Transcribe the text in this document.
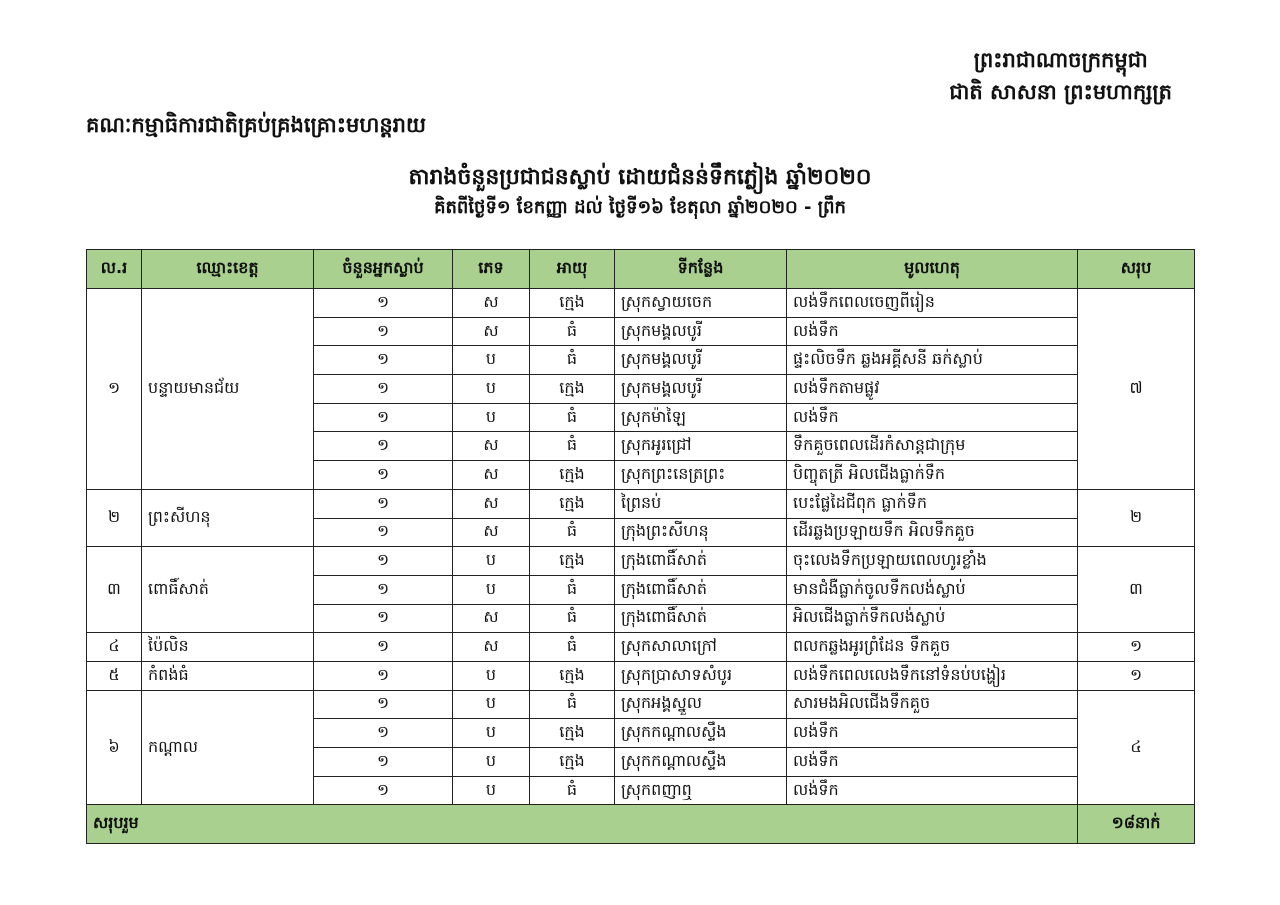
ព្រះរាជាណាចក្រកម្ពុជា
ជាតិ សាសនា ព្រះមហាក្សត្រ
គណៈកម្មាធិការជាតិគ្រប់គ្រងគ្រោះមហន្តរាយ
តារាងចំនួនប្រជាជនស្លាប់ ដោយជំនន់ទឹកភ្លៀង ឆ្នាំ២០២០
គិតពីថ្ងៃទី១ ខែកញ្ញា ដល់ ថ្ងៃទី១៦ ខែតុលា ឆ្នាំ២០២០ - ព្រឹក
ល.រ	ឈ្មោះខេត្ត	ចំនួនអ្នកស្លាប់	ភេទ	អាយុ	ទីកន្លែង	មូលហេតុ	សរុប
១	បន្ទាយមានជ័យ	១	ស	ក្មេង	ស្រុកស្វាយចេក	លង់ទឹកពេលចេញពីរៀន	៧
		១	ស	ធំ	ស្រុកមង្គលបូរី	លង់ទឹក	
		១	ប	ធំ	ស្រុកមង្គលបូរី	ផ្ទះលិចទឹក ឆ្លងអគ្គីសនី ឆក់ស្លាប់	
		១	ប	ក្មេង	ស្រុកមង្គលបូរី	លង់ទឹកតាមផ្លូវ	
		១	ប	ធំ	ស្រុកម៉ាឡៃ	លង់ទឹក	
		១	ស	ធំ	ស្រុកអូរជ្រៅ	ទឹកគួចពេលដើរកំសាន្តជាក្រុម	
		១	ស	ក្មេង	ស្រុកព្រះនេត្រព្រះ	បិញ្ចុតត្រី អិលជើងធ្លាក់ទឹក	
២	ព្រះសីហនុ	១	ស	ក្មេង	ព្រៃនប់	បេះផ្លែដៃជីពុក ធ្លាក់ទឹក	២
		១	ស	ធំ	ក្រុងព្រះសីហនុ	ដើរឆ្លងប្រឡាយទឹក អិលទឹកគួច	
៣	ពោធិ៍សាត់	១	ប	ក្មេង	ក្រុងពោធិ៍សាត់	ចុះលេងទឹកប្រឡាយពេលហូរខ្លាំង	៣
		១	ប	ធំ	ក្រុងពោធិ៍សាត់	មានជំងឺធ្លាក់ចូលទឹកលង់ស្លាប់	
		១	ស	ធំ	ក្រុងពោធិ៍សាត់	អិលជើងធ្លាក់ទឹកលង់ស្លាប់	
៤	ប៉ៃលិន	១	ស	ធំ	ស្រុកសាលាក្រៅ	ពលកឆ្លងអូរព្រំដែន ទឹកគួច	១
៥	កំពង់ធំ	១	ប	ក្មេង	ស្រុកប្រាសាទសំបូរ	លង់ទឹកពេលលេងទឹកនៅទំនប់បង្ហៀរ	១
៦	កណ្តាល	១	ប	ធំ	ស្រុកអង្គស្នួល	សារមងអិលជើងទឹកគួច	៤
		១	ប	ក្មេង	ស្រុកកណ្តាលស្ទឹង	លង់ទឹក	
		១	ប	ក្មេង	ស្រុកកណ្តាលស្ទឹង	លង់ទឹក	
		១	ប	ធំ	ស្រុកពញាឮ	លង់ទឹក	
សរុបរួម							១៨នាក់
